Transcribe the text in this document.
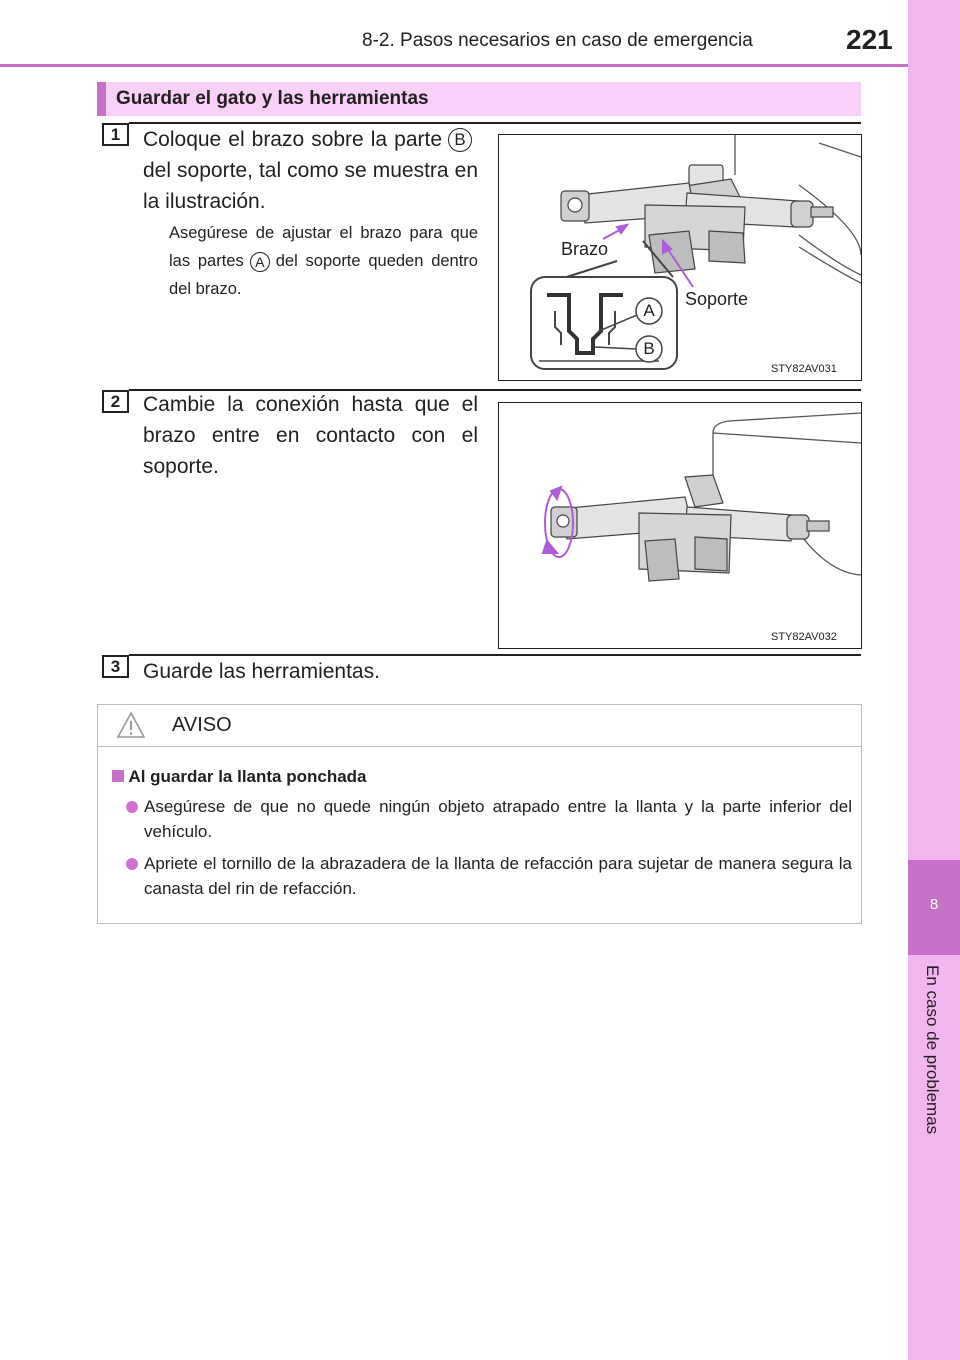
8
En caso de problemas
8-2. Pasos necesarios en caso de emergencia	221
Guardar el gato y las herramientas
1	Coloque el brazo sobre la parte B del soporte, tal como se muestra en la ilustración.
Asegúrese de ajustar el brazo para que las partes A del soporte queden dentro del brazo.
Brazo
Soporte
A
B
STY82AV031
2	Cambie la conexión hasta que el brazo entre en contacto con el soporte.
STY82AV032
3	Guarde las herramientas.
AVISO
Al guardar la llanta ponchada
Asegúrese de que no quede ningún objeto atrapado entre la llanta y la parte inferior del vehículo.
Apriete el tornillo de la abrazadera de la llanta de refacción para sujetar de manera segura la canasta del rin de refacción.
